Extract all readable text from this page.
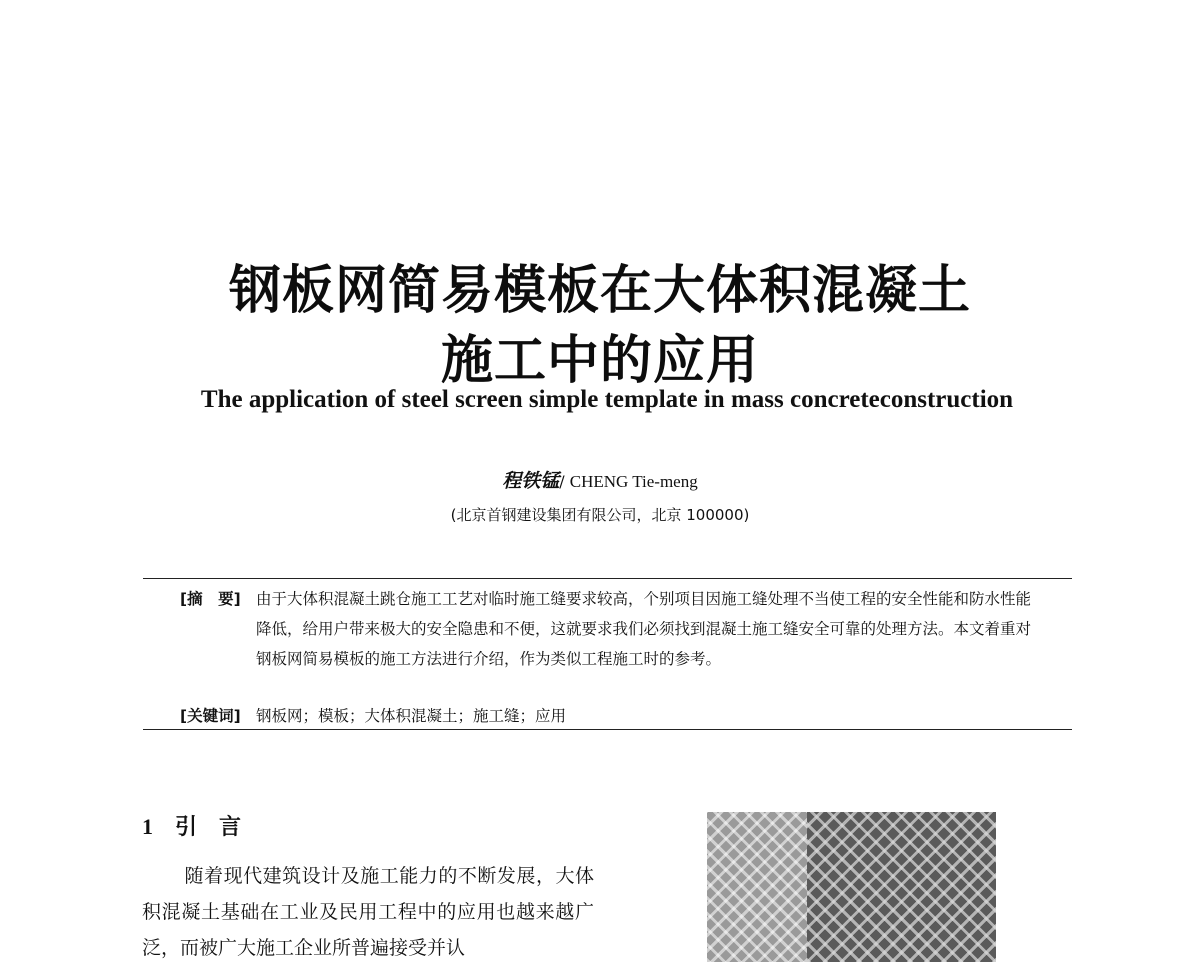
钢板网简易模板在大体积混凝土
施工中的应用
The application of steel screen simple template in mass concreteconstruction
程铁锰/ CHENG Tie-meng
(北京首钢建设集团有限公司，北京 100000)
[摘　要] 由于大体积混凝土跳仓施工工艺对临时施工缝要求较高，个别项目因施工缝处理不当使工程的安全性能和防水性能降低，给用户带来极大的安全隐患和不便，这就要求我们必须找到混凝土施工缝安全可靠的处理方法。本文着重对钢板网简易模板的施工方法进行介绍，作为类似工程施工时的参考。
[关键词] 钢板网；模板；大体积混凝土；施工缝；应用
1 引　言
随着现代建筑设计及施工能力的不断发展，大体积混凝土基础在工业及民用工程中的应用也越来越广泛，而被广大施工企业所普遍接受并认
